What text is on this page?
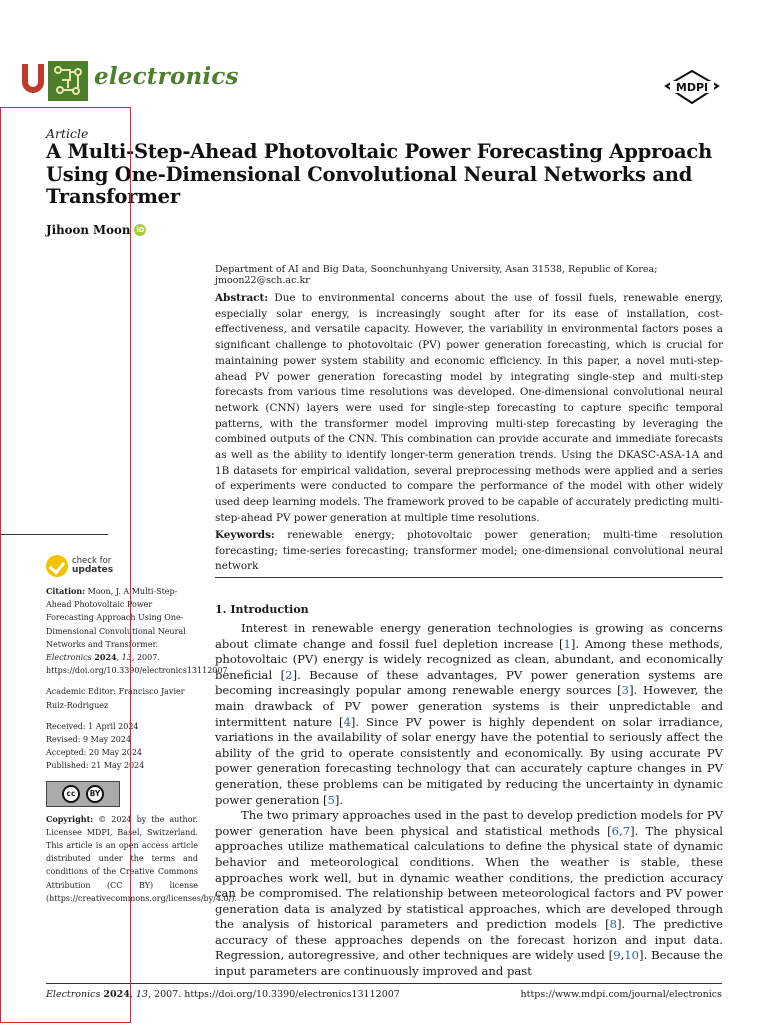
electronics	MDPI
Article
A Multi-Step-Ahead Photovoltaic Power Forecasting Approach Using One-Dimensional Convolutional Neural Networks and Transformer
Jihoon Moon iD
Department of AI and Big Data, Soonchunhyang University, Asan 31538, Republic of Korea; jmoon22@sch.ac.kr
Abstract: Due to environmental concerns about the use of fossil fuels, renewable energy, especially solar energy, is increasingly sought after for its ease of installation, cost-effectiveness, and versatile capacity. However, the variability in environmental factors poses a significant challenge to photovoltaic (PV) power generation forecasting, which is crucial for maintaining power system stability and economic efficiency. In this paper, a novel muti-step-ahead PV power generation forecasting model by integrating single-step and multi-step forecasts from various time resolutions was developed. One-dimensional convolutional neural network (CNN) layers were used for single-step forecasting to capture specific temporal patterns, with the transformer model improving multi-step forecasting by leveraging the combined outputs of the CNN. This combination can provide accurate and immediate forecasts as well as the ability to identify longer-term generation trends. Using the DKASC-ASA-1A and 1B datasets for empirical validation, several preprocessing methods were applied and a series of experiments were conducted to compare the performance of the model with other widely used deep learning models. The framework proved to be capable of accurately predicting multi-step-ahead PV power generation at multiple time resolutions.
Keywords: renewable energy; photovoltaic power generation; multi-time resolution forecasting; time-series forecasting; transformer model; one-dimensional convolutional neural network
1. Introduction

Interest in renewable energy generation technologies is growing as concerns about climate change and fossil fuel depletion increase [1]. Among these methods, photovoltaic (PV) energy is widely recognized as clean, abundant, and economically beneficial [2]. Because of these advantages, PV power generation systems are becoming increasingly popular among renewable energy sources [3]. However, the main drawback of PV power generation systems is their unpredictable and intermittent nature [4]. Since PV power is highly dependent on solar irradiance, variations in the availability of solar energy have the potential to seriously affect the ability of the grid to operate consistently and economically. By using accurate PV power generation forecasting technology that can accurately capture changes in PV generation, these problems can be mitigated by reducing the uncertainty in dynamic power generation [5].

The two primary approaches used in the past to develop prediction models for PV power generation have been physical and statistical methods [6,7]. The physical approaches utilize mathematical calculations to define the physical state of dynamic behavior and meteorological conditions. When the weather is stable, these approaches work well, but in dynamic weather conditions, the prediction accuracy can be compromised. The relationship between meteorological factors and PV power generation data is analyzed by statistical approaches, which are developed through the analysis of historical parameters and prediction models [8]. The predictive accuracy of these approaches depends on the forecast horizon and input data. Regression, autoregressive, and other techniques are widely used [9,10]. Because the input parameters are continuously improved and past

check for
updates
Citation: Moon, J. A Multi-Step-Ahead Photovoltaic Power Forecasting Approach Using One-Dimensional Convolutional Neural Networks and Transformer. Electronics 2024, 13, 2007. https://doi.org/10.3390/electronics13112007
Academic Editor: Francisco Javier Ruiz-Rodriguez
Received: 1 April 2024
Revised: 9 May 2024
Accepted: 20 May 2024
Published: 21 May 2024
cc	BY
Copyright: © 2024 by the author. Licensee MDPI, Basel, Switzerland. This article is an open access article distributed under the terms and conditions of the Creative Commons Attribution (CC BY) license (https://creativecommons.org/licenses/by/4.0/).
Electronics 2024, 13, 2007. https://doi.org/10.3390/electronics13112007	https://www.mdpi.com/journal/electronics
